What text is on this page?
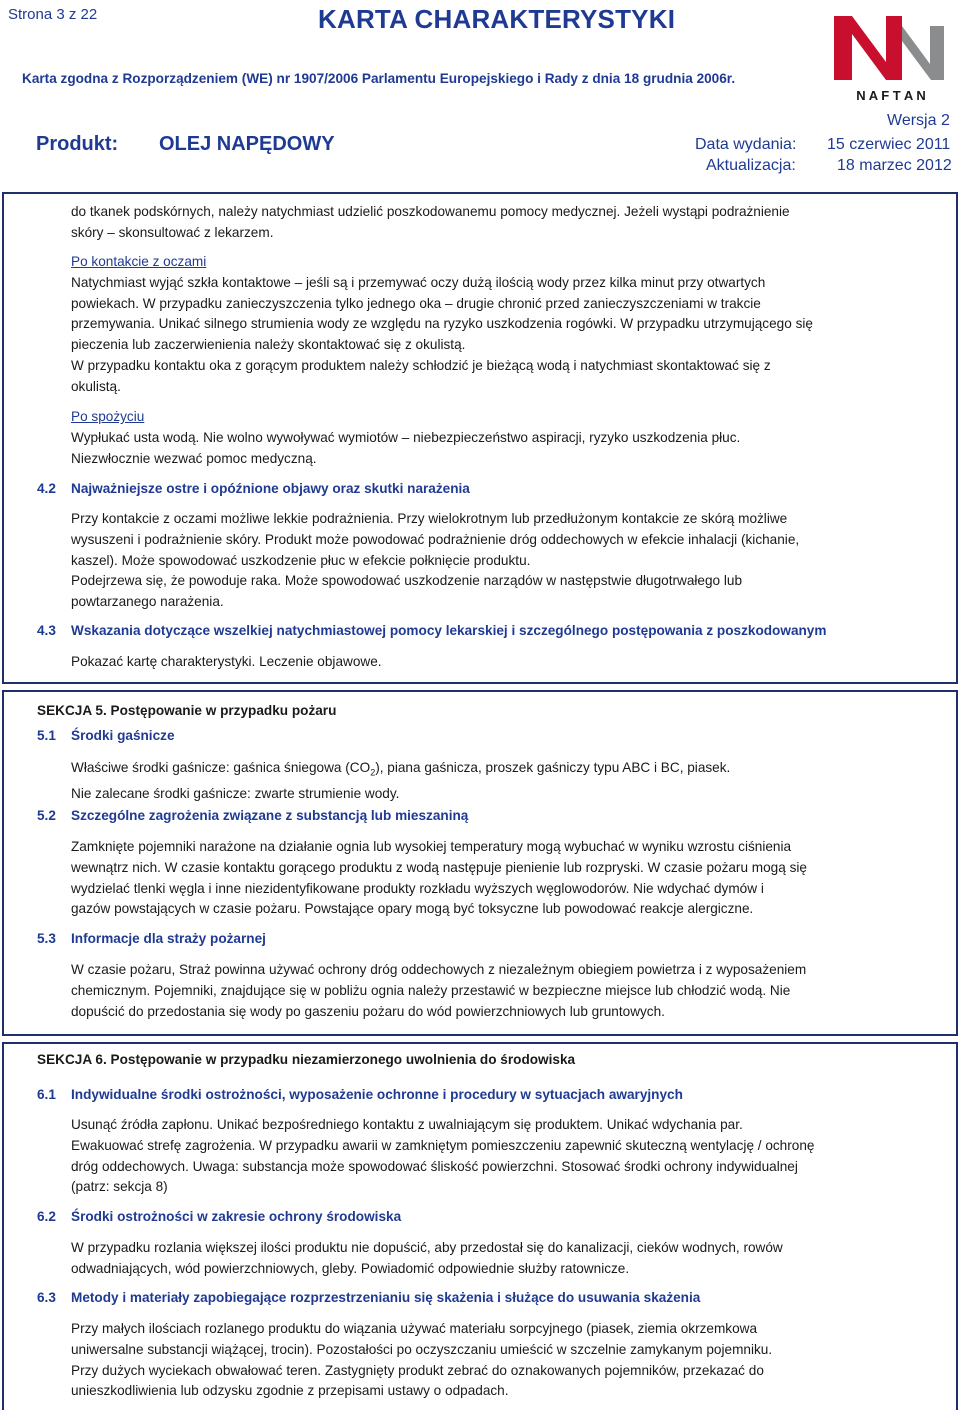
Strona 3 z 22	KARTA CHARAKTERYSTYKI
Karta zgodna z Rozporządzeniem (WE) nr 1907/2006 Parlamentu Europejskiego i Rady z dnia 18 grudnia 2006r.
Produkt: OLEJ NAPĘDOWY
Wersja 2
Data wydania: 15 czerwiec 2011
Aktualizacja:	18 marzec 2012
N A F T A N
do tkanek podskórnych, należy natychmiast udzielić poszkodowanemu pomocy medycznej. Jeżeli wystąpi podrażnienie
skóry – skonsultować z lekarzem.
Po kontakcie z oczami
Natychmiast wyjąć szkła kontaktowe – jeśli są i przemywać oczy dużą ilością wody przez kilka minut przy otwartych
powiekach. W przypadku zanieczyszczenia tylko jednego oka – drugie chronić przed zanieczyszczeniami w trakcie
przemywania. Unikać silnego strumienia wody ze względu na ryzyko uszkodzenia rogówki. W przypadku utrzymującego się
pieczenia lub zaczerwienienia należy skontaktować się z okulistą.
W przypadku kontaktu oka z gorącym produktem należy schłodzić je bieżącą wodą i natychmiast skontaktować się z
okulistą.
Po spożyciu
Wypłukać usta wodą. Nie wolno wywoływać wymiotów – niebezpieczeństwo aspiracji, ryzyko uszkodzenia płuc.
Niezwłocznie wezwać pomoc medyczną.
4.2 Najważniejsze ostre i opóźnione objawy oraz skutki narażenia
Przy kontakcie z oczami możliwe lekkie podrażnienia. Przy wielokrotnym lub przedłużonym kontakcie ze skórą możliwe
wysuszeni i podrażnienie skóry. Produkt może powodować podrażnienie dróg oddechowych w efekcie inhalacji (kichanie,
kaszel). Może spowodować uszkodzenie płuc w efekcie połknięcie produktu.
Podejrzewa się, że powoduje raka. Może spowodować uszkodzenie narządów w następstwie długotrwałego lub
powtarzanego narażenia.
4.3 Wskazania dotyczące wszelkiej natychmiastowej pomocy lekarskiej i szczególnego postępowania z poszkodowanym
Pokazać kartę charakterystyki. Leczenie objawowe.
SEKCJA 5. Postępowanie w przypadku pożaru
5.1 Środki gaśnicze
Właściwe środki gaśnicze: gaśnica śniegowa $(CO_2)$, piana gaśnicza, proszek gaśniczy typu ABC i BC, piasek.
Nie zalecane środki gaśnicze: zwarte strumienie wody.
5.2 Szczególne zagrożenia związane z substancją lub mieszaniną
Zamknięte pojemniki narażone na działanie ognia lub wysokiej temperatury mogą wybuchać w wyniku wzrostu ciśnienia
wewnątrz nich. W czasie kontaktu gorącego produktu z wodą następuje pienienie lub rozpryski. W czasie pożaru mogą się
wydzielać tlenki węgla i inne niezidentyfikowane produkty rozkładu wyższych węglowodorów. Nie wdychać dymów i
gazów powstających w czasie pożaru. Powstające opary mogą być toksyczne lub powodować reakcje alergiczne.
5.3 Informacje dla straży pożarnej
W czasie pożaru, Straż powinna używać ochrony dróg oddechowych z niezależnym obiegiem powietrza i z wyposażeniem
chemicznym. Pojemniki, znajdujące się w pobliżu ognia należy przestawić w bezpieczne miejsce lub chłodzić wodą. Nie
dopuścić do przedostania się wody po gaszeniu pożaru do wód powierzchniowych lub gruntowych.
SEKCJA 6. Postępowanie w przypadku niezamierzonego uwolnienia do środowiska
6.1 Indywidualne środki ostrożności, wyposażenie ochronne i procedury w sytuacjach awaryjnych
Usunąć źródła zapłonu. Unikać bezpośredniego kontaktu z uwalniającym się produktem. Unikać wdychania par.
Ewakuować strefę zagrożenia. W przypadku awarii w zamkniętym pomieszczeniu zapewnić skuteczną wentylację / ochronę
dróg oddechowych. Uwaga: substancja może spowodować śliskość powierzchni. Stosować środki ochrony indywidualnej
(patrz: sekcja 8)
6.2 Środki ostrożności w zakresie ochrony środowiska
W przypadku rozlania większej ilości produktu nie dopuścić, aby przedostał się do kanalizacji, cieków wodnych, rowów
odwadniających, wód powierzchniowych, gleby. Powiadomić odpowiednie służby ratownicze.
6.3 Metody i materiały zapobiegające rozprzestrzenianiu się skażenia i służące do usuwania skażenia
Przy małych ilościach rozlanego produktu do wiązania używać materiału sorpcyjnego (piasek, ziemia okrzemkowa
uniwersalne substancji wiążącej, trocin). Pozostałości po oczyszczaniu umieścić w szczelnie zamykanym pojemniku.
Przy dużych wyciekach obwałować teren. Zastygnięty produkt zebrać do oznakowanych pojemników, przekazać do
unieszkodliwienia lub odzysku zgodnie z przepisami ustawy o odpadach.
